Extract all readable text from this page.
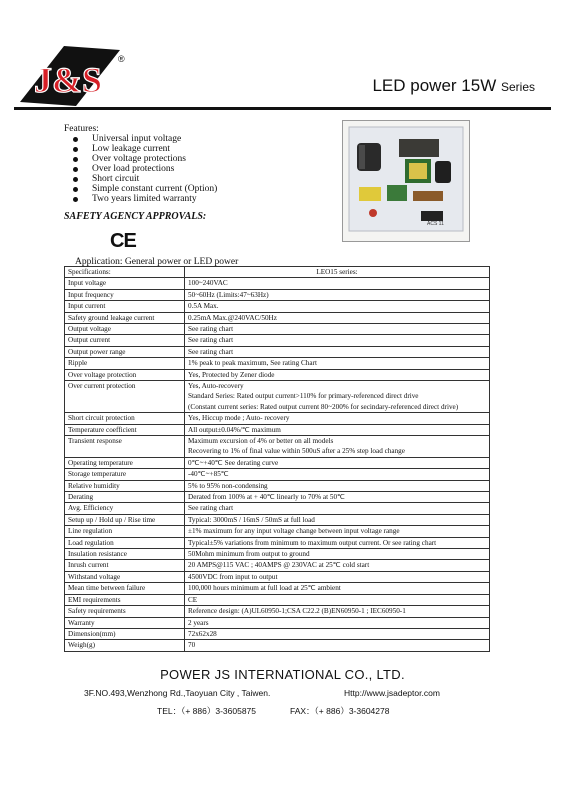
J&S
®
LED power 15W Series
Features:
Universal input voltage
Low leakage current
Over voltage protections
Over load protections
Short circuit
Simple constant current (Option)
Two years limited warranty
SAFETY AGENCY APPROVALS:
CE
Application: General power or LED power
ACS 11
Specifications:	LEO15 series:
Input voltage	100~240VAC
Input frequency	50~60Hz (Limits:47~63Hz)
Input current	0.5A Max.
Safety ground leakage current	0.25mA Max.@240VAC/50Hz
Output voltage	See rating chart
Output current	See rating chart
Output power range	See rating chart
Ripple	1% peak to peak maximum, See rating Chart
Over voltage protection	Yes, Protected by Zener diode
Over current protection	Yes, Auto-recovery
Standard Series: Rated output current>110% for primary-referenced direct drive
(Constant current series: Rated output current 80~200% for secindary-referenced direct drive)

Short circuit protection	Yes, Hiccup mode ; Auto- recovery
Temperature coefficient	All output±0.04%/℃ maximum
Transient response	Maximum excursion of 4% or better on all models
Recovering to 1% of final value within 500uS after a 25% step load change

Operating temperature	0℃~+40℃ See derating curve
Storage temperature	-40℃~+85℃
Relative humidity	5% to 95% non-condensing
Derating	Derated from 100% at + 40℃ linearly to 70% at 50℃
Avg. Efficiency	See rating chart
Setup up / Hold up / Rise time	Typical: 3000mS / 16mS / 50mS at full load
Line regulation	±1% maximum for any input voltage change between input voltage range
Load regulation	Typical±5% variations from minimum to maximum output current. Or see rating chart
Insulation resistance	50Mohm minimum from output to ground
Inrush current	20 AMPS@115 VAC ; 40AMPS @ 230VAC at 25℃ cold start
Withstand voltage	4500VDC from input to output
Mean time between failure	100,000 hours minimum at full load at 25℃ ambient
EMI requirements	CE
Safety requirements	Reference design: (A)UL60950-1;CSA C22.2 (B)EN60950-1 ; IEC60950-1
Warranty	2 years
Dimension(mm)	72x62x28
Weigh(g)	70
POWER JS INTERNATIONAL CO., LTD.
3F.NO.493,Wenzhong Rd.,Taoyuan City , Taiwen.	Http://www.jsadeptor.com
TEL：（+ 886）3-3605875	FAX：（+ 886）3-3604278
